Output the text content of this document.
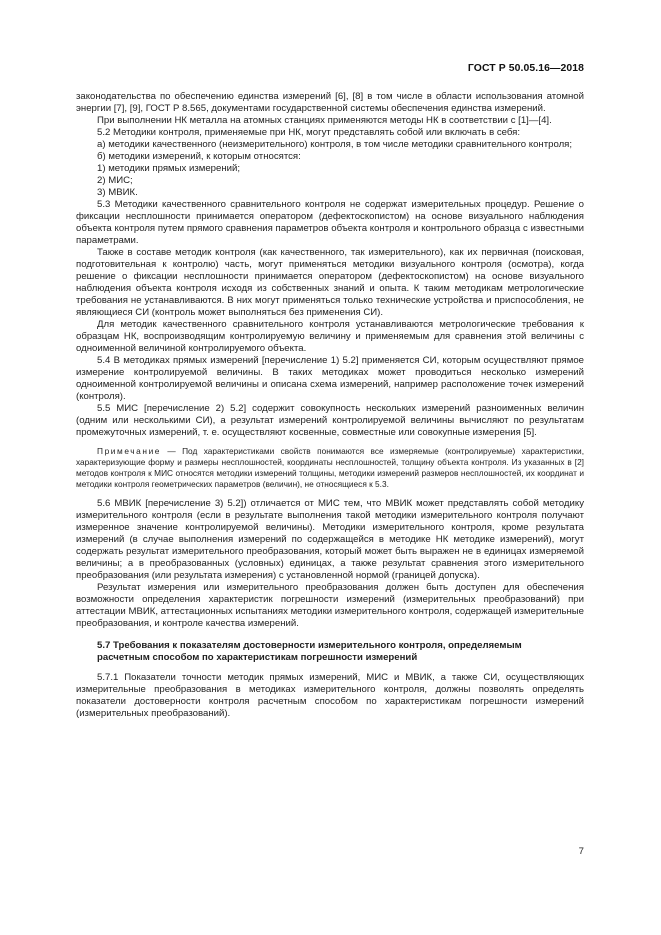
ГОСТ Р 50.05.16—2018

законодательства по обеспечению единства измерений [6], [8] в том числе в области использования атомной энергии [7], [9], ГОСТ Р 8.565, документами государственной системы обеспечения единства измерений.

При выполнении НК металла на атомных станциях применяются методы НК в соответствии с [1]—[4].

5.2 Методики контроля, применяемые при НК, могут представлять собой или включать в себя:

а) методики качественного (неизмерительного) контроля, в том числе методики сравнительного контроля;

б) методики измерений, к которым относятся:

1) методики прямых измерений;

2) МИС;

3) МВИК.

5.3 Методики качественного сравнительного контроля не содержат измерительных процедур. Решение о фиксации несплошности принимается оператором (дефектоскопистом) на основе визуального наблюдения объекта контроля путем прямого сравнения параметров объекта контроля и контрольного образца с известными параметрами.

Также в составе методик контроля (как качественного, так измерительного), как их первичная (поисковая, подготовительная к контролю) часть, могут применяться методики визуального контроля (осмотра), когда решение о фиксации несплошности принимается оператором (дефектоскопистом) на основе визуального наблюдения объекта контроля исходя из собственных знаний и опыта. К таким методикам метрологические требования не устанавливаются. В них могут применяться только технические устройства и приспособления, не являющиеся СИ (контроль может выполняться без применения СИ).

Для методик качественного сравнительного контроля устанавливаются метрологические требования к образцам НК, воспроизводящим контролируемую величину и применяемым для сравнения этой величины с одноименной величиной контролируемого объекта.

5.4 В методиках прямых измерений [перечисление 1) 5.2] применяется СИ, которым осуществляют прямое измерение контролируемой величины. В таких методиках может проводиться несколько измерений одноименной контролируемой величины и описана схема измерений, например расположение точек измерений (контроля).

5.5 МИС [перечисление 2) 5.2] содержит совокупность нескольких измерений разноименных величин (одним или несколькими СИ), а результат измерений контролируемой величины вычисляют по результатам промежуточных измерений, т. е. осуществляют косвенные, совместные или совокупные измерения [5].

Примечание — Под характеристиками свойств понимаются все измеряемые (контролируемые) характеристики, характеризующие форму и размеры несплошностей, координаты несплошностей, толщину объекта контроля. Из указанных в [2] методов контроля к МИС относятся методики измерений толщины, методики измерений размеров несплошностей, их координат и методики контроля геометрических параметров (величин), не относящиеся к 5.3.

5.6 МВИК [перечисление 3) 5.2]) отличается от МИС тем, что МВИК может представлять собой методику измерительного контроля (если в результате выполнения такой методики измерительного контроля получают измеренное значение контролируемой величины). Методики измерительного контроля, кроме результата измерений (в случае выполнения измерений по содержащейся в методике НК методике измерений), могут содержать результат измерительного преобразования, который может быть выражен не в единицах измеряемой величины; а в преобразованных (условных) единицах, а также результат сравнения этого измерительного преобразования (или результата измерения) с установленной нормой (границей допуска).

Результат измерения или измерительного преобразования должен быть доступен для обеспечения возможности определения характеристик погрешности измерений (измерительных преобразований) при аттестации МВИК, аттестационных испытаниях методики измерительного контроля, содержащей измерительные преобразования, и контроле качества измерений.

5.7 Требования к показателям достоверности измерительного контроля, определяемым
расчетным способом по характеристикам погрешности измерений

5.7.1 Показатели точности методик прямых измерений, МИС и МВИК, а также СИ, осуществляющих измерительные преобразования в методиках измерительного контроля, должны позволять определять показатели достоверности контроля расчетным способом по характеристикам погрешности измерений (измерительных преобразований).

7
